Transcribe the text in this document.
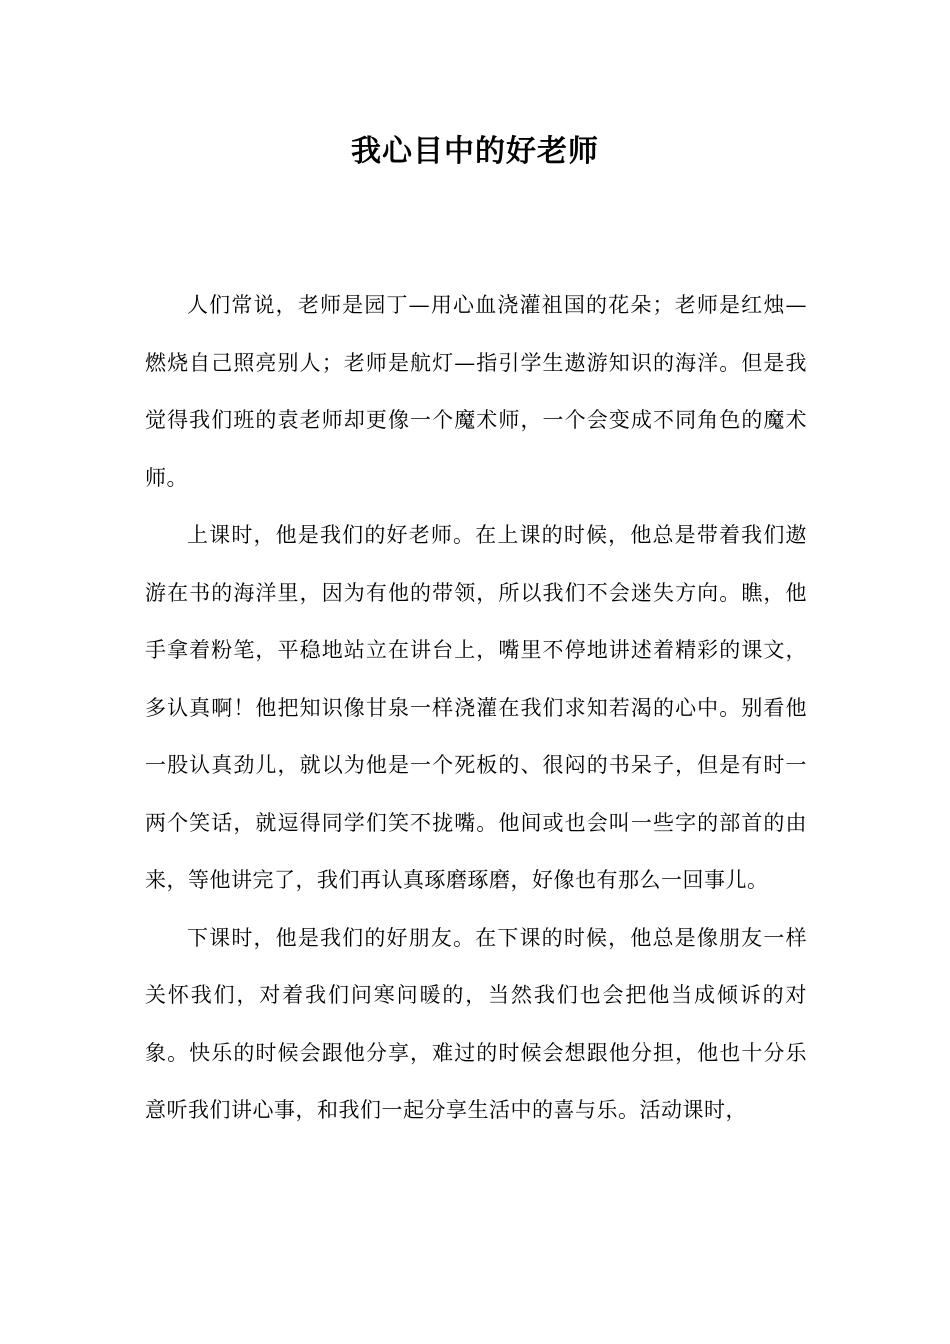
我心目中的好老师

人们常说，老师是园丁—用心血浇灌祖国的花朵；老师是红烛—燃烧自己照亮别人；老师是航灯—指引学生遨游知识的海洋。但是我觉得我们班的袁老师却更像一个魔术师，一个会变成不同角色的魔术师。

上课时，他是我们的好老师。在上课的时候，他总是带着我们遨游在书的海洋里，因为有他的带领，所以我们不会迷失方向。瞧，他手拿着粉笔，平稳地站立在讲台上，嘴里不停地讲述着精彩的课文，多认真啊！他把知识像甘泉一样浇灌在我们求知若渴的心中。别看他一股认真劲儿，就以为他是一个死板的、很闷的书呆子，但是有时一两个笑话，就逗得同学们笑不拢嘴。他间或也会叫一些字的部首的由来，等他讲完了，我们再认真琢磨琢磨，好像也有那么一回事儿。

下课时，他是我们的好朋友。在下课的时候，他总是像朋友一样关怀我们，对着我们问寒问暖的，当然我们也会把他当成倾诉的对象。快乐的时候会跟他分享，难过的时候会想跟他分担，他也十分乐意听我们讲心事，和我们一起分享生活中的喜与乐。活动课时，
